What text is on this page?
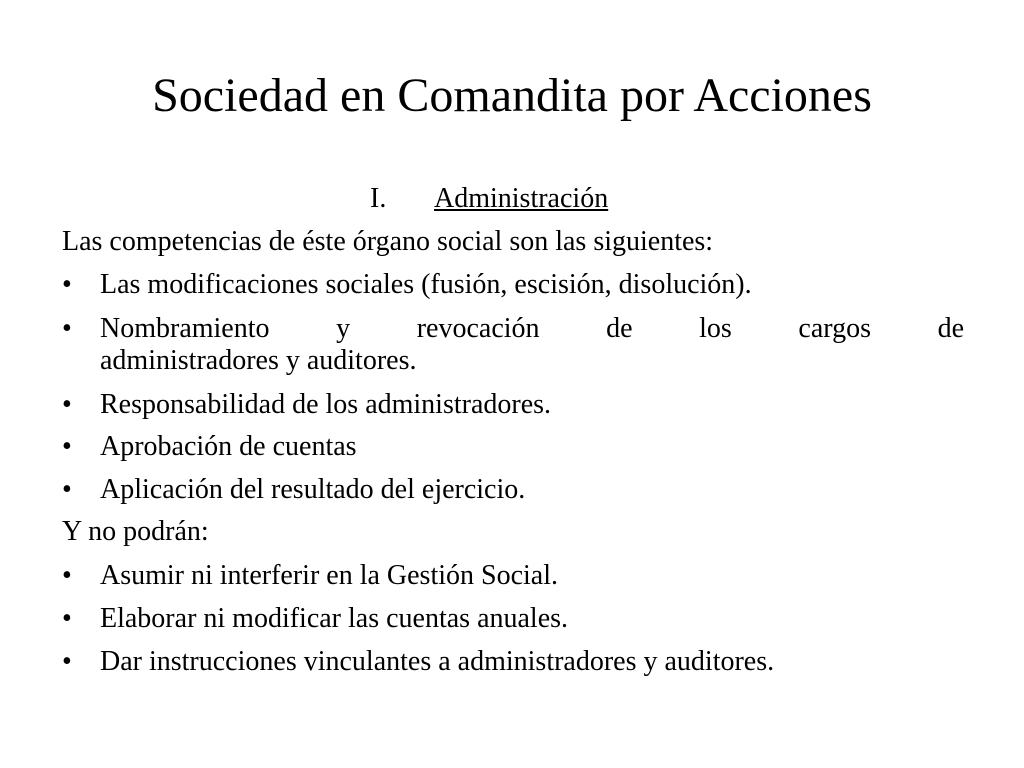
Sociedad en Comandita por Acciones
I. Administración
Las competencias de éste órgano social son las siguientes:
•	Las modificaciones sociales (fusión, escisión, disolución).
•	Nombramiento y revocación de los cargos de
administradores y auditores.
•	Responsabilidad de los administradores.
•	Aprobación de cuentas
•	Aplicación del resultado del ejercicio.
Y no podrán:
•	Asumir ni interferir en la Gestión Social.
•	Elaborar ni modificar las cuentas anuales.
•	Dar instrucciones vinculantes a administradores y auditores.
